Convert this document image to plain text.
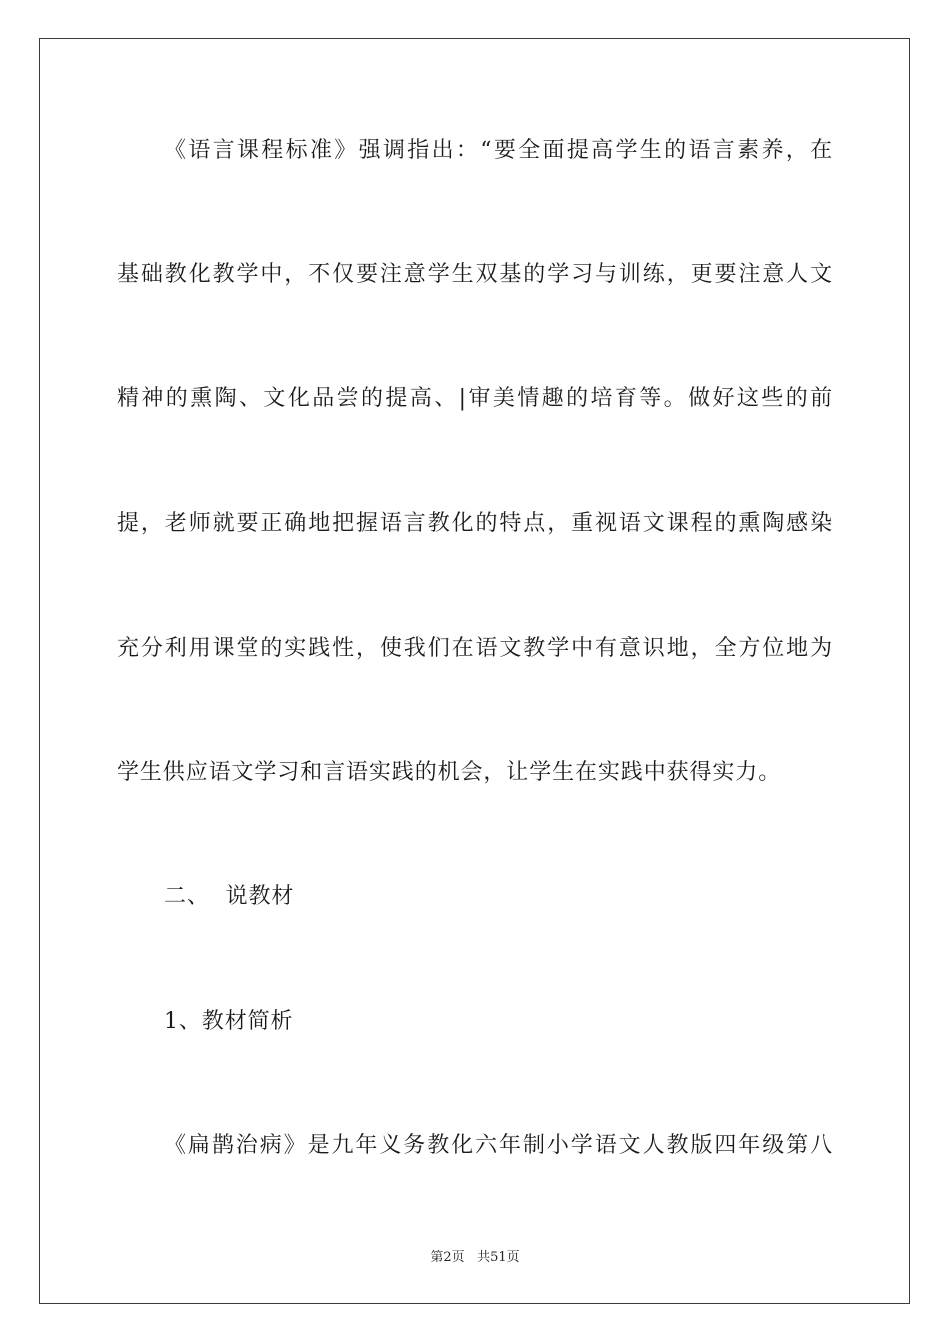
《语言课程标准》强调指出：“要全面提高学生的语言素养，在
基础教化教学中，不仅要注意学生双基的学习与训练，更要注意人文
精神的熏陶、文化品尝的提高、|审美情趣的培育等。做好这些的前
提，老师就要正确地把握语言教化的特点，重视语文课程的熏陶感染
充分利用课堂的实践性，使我们在语文教学中有意识地，全方位地为
学生供应语文学习和言语实践的机会，让学生在实践中获得实力。
二、  说教材
1、教材简析
《扁鹊治病》是九年义务教化六年制小学语文人教版四年级第八
第2页 共51页
